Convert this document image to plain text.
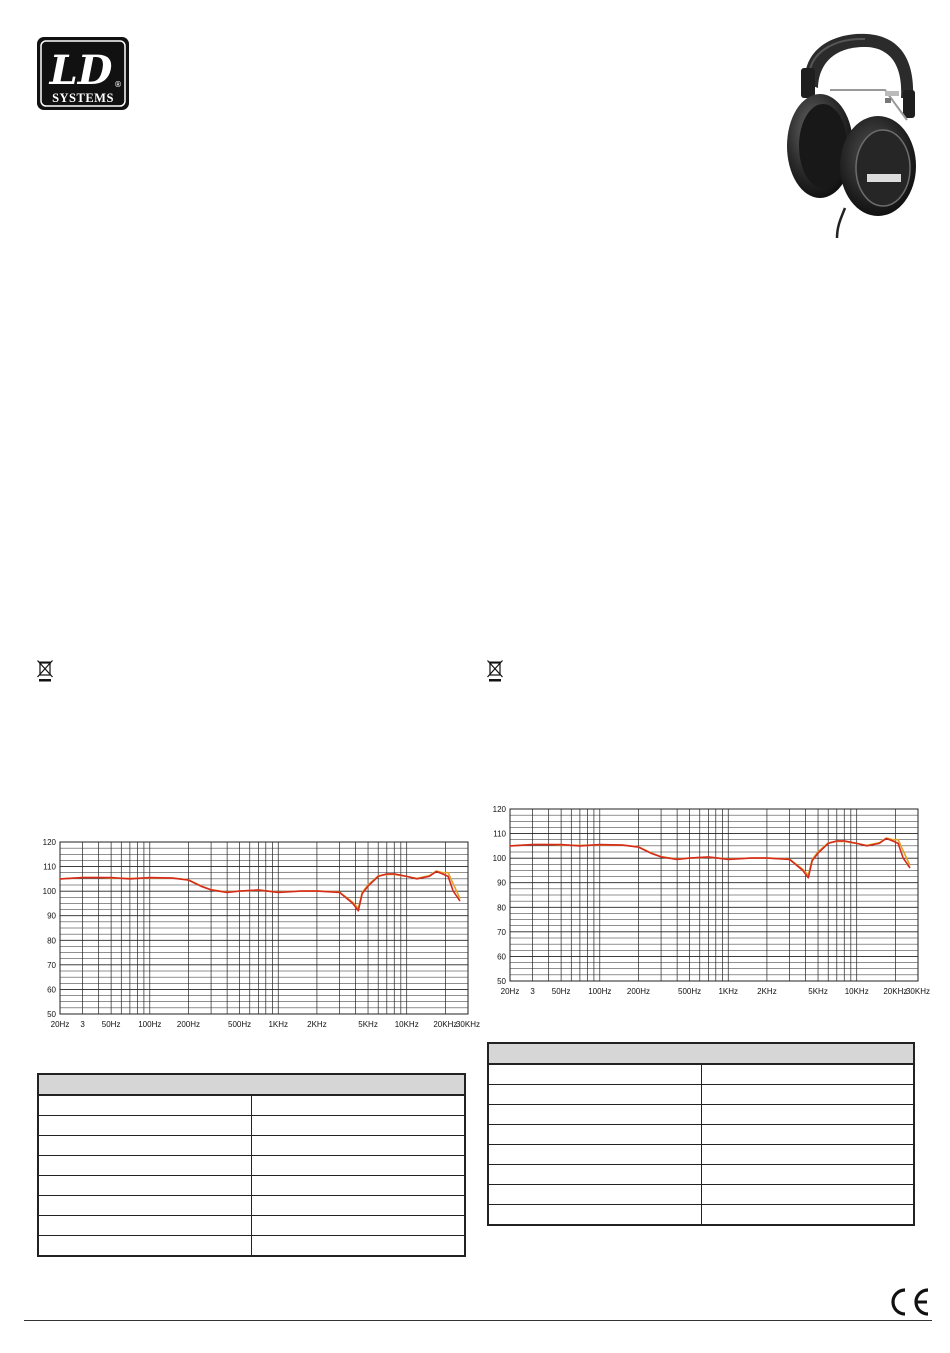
LD ®
SYSTEMS
50
60
70
80
90
100
110
120
20Hz 3 50Hz 100Hz 200Hz	500Hz 1KHz 2KHz	5KHz 10KHz 20KHz
30KHz
50
60
70
80
90
100
110
120
20Hz 3 50Hz 100Hz 200Hz	500Hz 1KHz 2KHz	5KHz 10KHz 20KHz
30KHz
